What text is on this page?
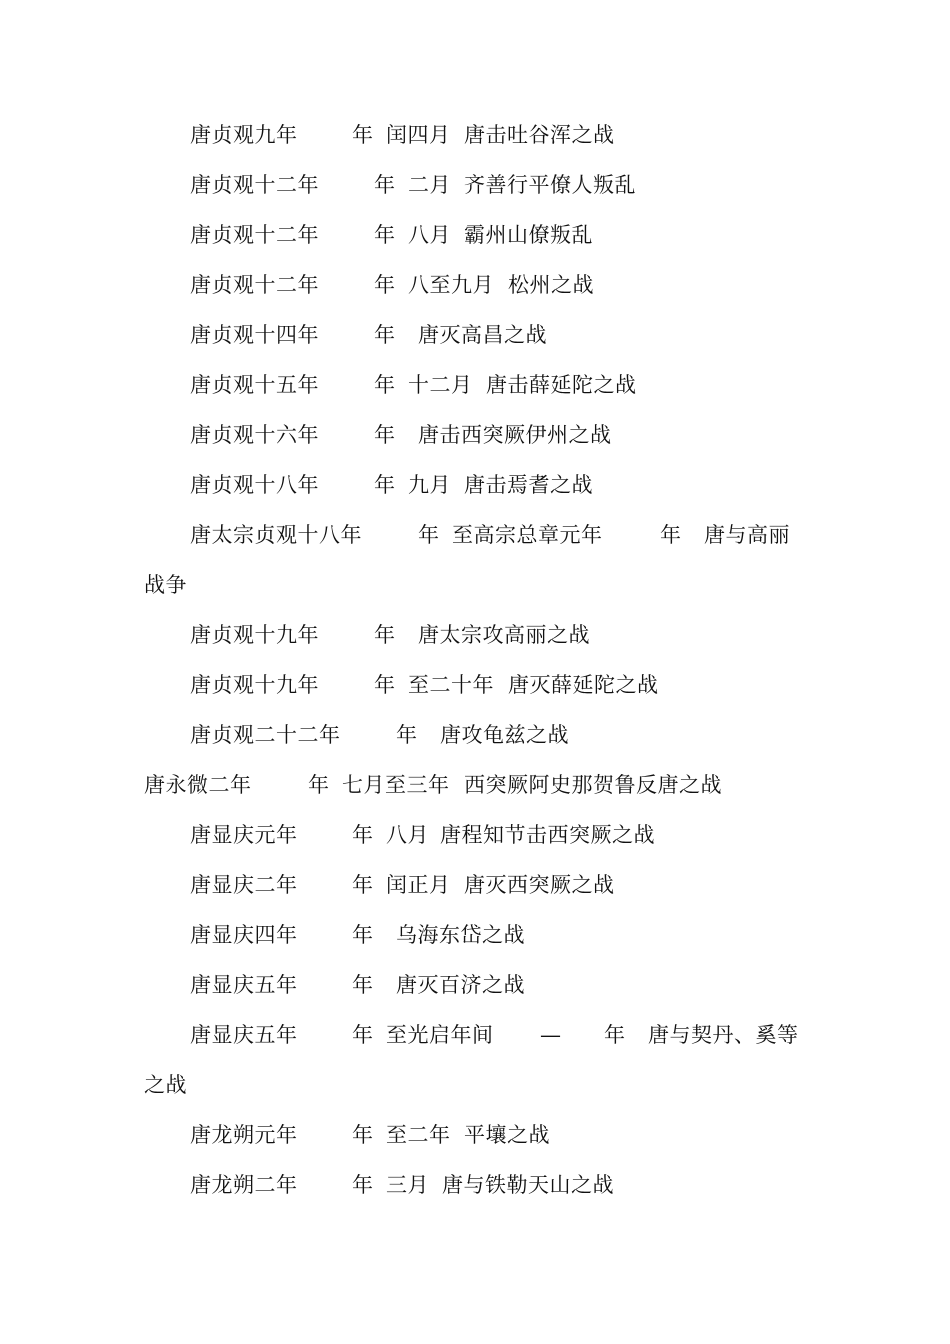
唐贞观九年	年 闰四月 唐击吐谷浑之战
唐贞观十二年	年 二月 齐善行平僚人叛乱
唐贞观十二年	年 八月 霸州山僚叛乱
唐贞观十二年	年 八至九月 松州之战
唐贞观十四年	年 唐灭高昌之战
唐贞观十五年	年 十二月 唐击薛延陀之战
唐贞观十六年	年 唐击西突厥伊州之战
唐贞观十八年	年 九月 唐击焉耆之战
唐太宗贞观十八年	年 至高宗总章元年	年 唐与高丽
战争
唐贞观十九年	年 唐太宗攻高丽之战
唐贞观十九年	年 至二十年 唐灭薛延陀之战
唐贞观二十二年	年 唐攻龟兹之战
唐永微二年	年 七月至三年 西突厥阿史那贺鲁反唐之战
唐显庆元年	年 八月 唐程知节击西突厥之战
唐显庆二年	年 闰正月 唐灭西突厥之战
唐显庆四年	年 乌海东岱之战
唐显庆五年	年 唐灭百济之战
唐显庆五年	年 至光启年间 — 年 唐与契丹、奚等
之战
唐龙朔元年	年 至二年 平壤之战
唐龙朔二年	年 三月 唐与铁勒天山之战
